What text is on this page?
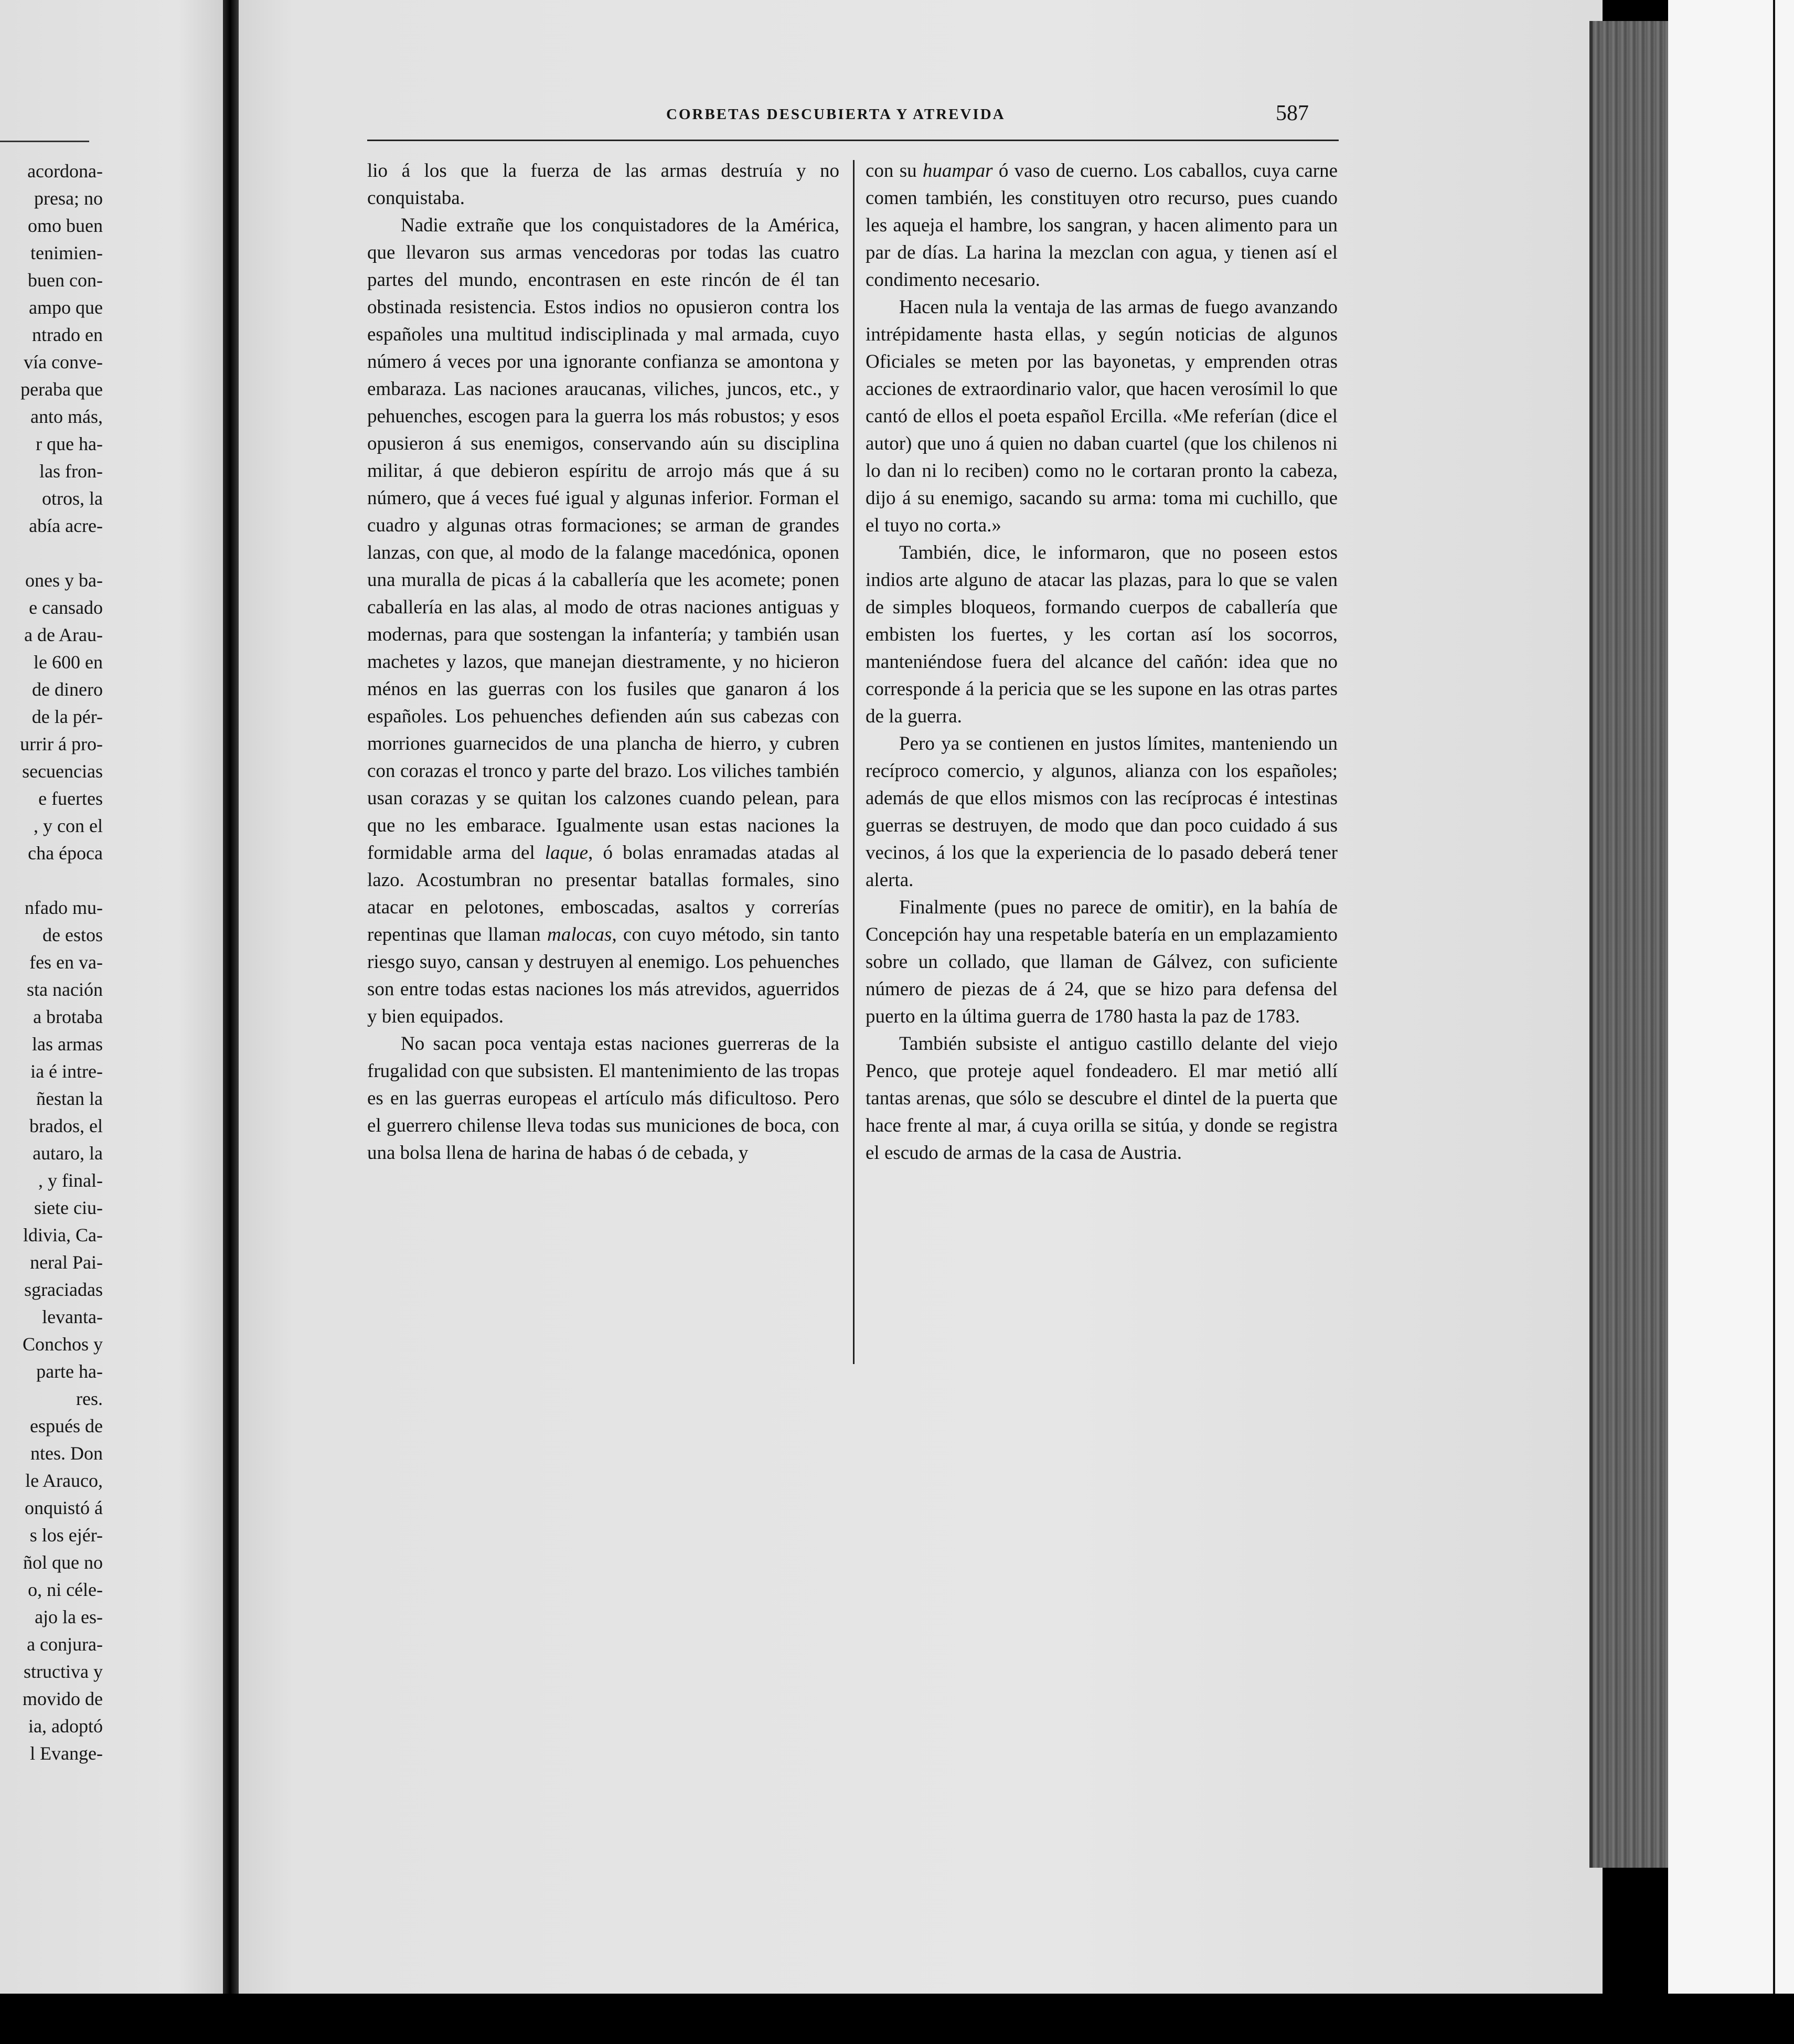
acordona-
presa; no
omo buen
tenimien-
buen con-
ampo que
ntrado en
vía conve-
peraba que
anto más,
r que ha-
las fron-
otros, la
abía acre-
ones y ba-
e cansado
a de Arau-
le 600 en
de dinero
de la pér-
urrir á pro-
secuencias
e fuertes
, y con el
cha época
nfado mu-
de estos
fes en va-
sta nación
a brotaba
las armas
ia é intre-
ñestan la
brados, el
autaro, la
, y final-
siete ciu-
ldivia, Ca-
neral Pai-
sgraciadas
levanta-
Conchos y
parte ha-
res.
espués de
ntes. Don
le Arauco,
onquistó á
s los ejér-
ñol que no
o, ni céle-
ajo la es-
a conjura-
structiva y
movido de
ia, adoptó
l Evange-
CORBETAS DESCUBIERTA Y ATREVIDA	587

lio á los que la fuerza de las armas destruía y no conquistaba.

Nadie extrañe que los conquistadores de la América, que llevaron sus armas vencedoras por todas las cuatro partes del mundo, encontrasen en este rincón de él tan obstinada resistencia. Estos indios no opusieron contra los españoles una multitud indisciplinada y mal armada, cuyo número á veces por una ignorante confianza se amontona y embaraza. Las naciones araucanas, viliches, juncos, etc., y pehuenches, escogen para la guerra los más robustos; y esos opusieron á sus enemigos, conservando aún su disciplina militar, á que debieron espíritu de arrojo más que á su número, que á veces fué igual y algunas inferior. Forman el cuadro y algunas otras formaciones; se arman de grandes lanzas, con que, al modo de la falange macedónica, oponen una muralla de picas á la caballería que les acomete; ponen caballería en las alas, al modo de otras naciones antiguas y modernas, para que sostengan la infantería; y también usan machetes y lazos, que manejan diestramente, y no hicieron ménos en las guerras con los fusiles que ganaron á los españoles. Los pehuenches defienden aún sus cabezas con morriones guarnecidos de una plancha de hierro, y cubren con corazas el tronco y parte del brazo. Los viliches también usan corazas y se quitan los calzones cuando pelean, para que no les embarace. Igualmente usan estas naciones la formidable arma del laque, ó bolas enramadas atadas al lazo. Acostumbran no presentar batallas formales, sino atacar en pelotones, emboscadas, asaltos y correrías repentinas que llaman malocas, con cuyo método, sin tanto riesgo suyo, cansan y destruyen al enemigo. Los pehuenches son entre todas estas naciones los más atrevidos, aguerridos y bien equipados.

No sacan poca ventaja estas naciones guerreras de la frugalidad con que subsisten. El mantenimiento de las tropas es en las guerras europeas el artículo más dificultoso. Pero el guerrero chilense lleva todas sus municiones de boca, con una bolsa llena de harina de habas ó de cebada, y

con su huampar ó vaso de cuerno. Los caballos, cuya carne comen también, les constituyen otro recurso, pues cuando les aqueja el hambre, los sangran, y hacen alimento para un par de días. La harina la mezclan con agua, y tienen así el condimento necesario.

Hacen nula la ventaja de las armas de fuego avanzando intrépidamente hasta ellas, y según noticias de algunos Oficiales se meten por las bayonetas, y emprenden otras acciones de extraordinario valor, que hacen verosímil lo que cantó de ellos el poeta español Ercilla. «Me referían (dice el autor) que uno á quien no daban cuartel (que los chilenos ni lo dan ni lo reciben) como no le cortaran pronto la cabeza, dijo á su enemigo, sacando su arma: toma mi cuchillo, que el tuyo no corta.»

También, dice, le informaron, que no poseen estos indios arte alguno de atacar las plazas, para lo que se valen de simples bloqueos, formando cuerpos de caballería que embisten los fuertes, y les cortan así los socorros, manteniéndose fuera del alcance del cañón: idea que no corresponde á la pericia que se les supone en las otras partes de la guerra.

Pero ya se contienen en justos límites, manteniendo un recíproco comercio, y algunos, alianza con los españoles; además de que ellos mismos con las recíprocas é intestinas guerras se destruyen, de modo que dan poco cuidado á sus vecinos, á los que la experiencia de lo pasado deberá tener alerta.

Finalmente (pues no parece de omitir), en la bahía de Concepción hay una respetable batería en un emplazamiento sobre un collado, que llaman de Gálvez, con suficiente número de piezas de á 24, que se hizo para defensa del puerto en la última guerra de 1780 hasta la paz de 1783.

También subsiste el antiguo castillo delante del viejo Penco, que proteje aquel fondeadero. El mar metió allí tantas arenas, que sólo se descubre el dintel de la puerta que hace frente al mar, á cuya orilla se sitúa, y donde se registra el escudo de armas de la casa de Austria.
